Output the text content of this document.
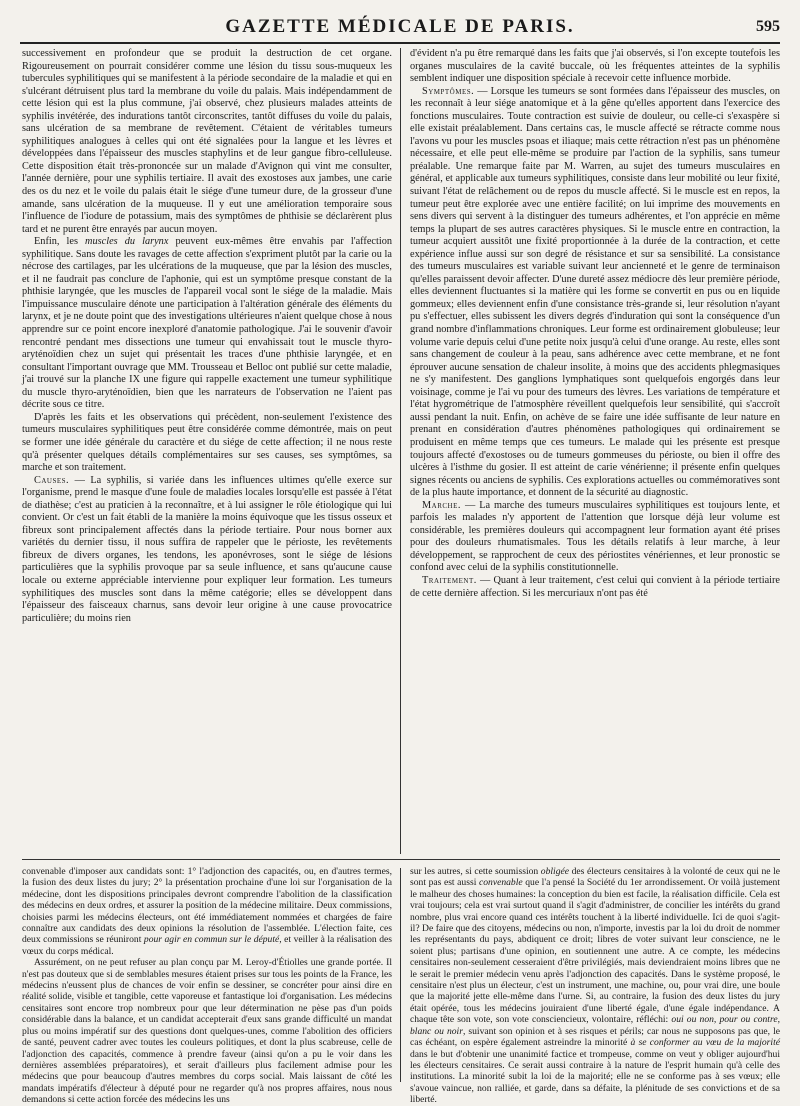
GAZETTE MÉDICALE DE PARIS.	595

successivement en profondeur que se produit la destruction de cet organe. Rigoureusement on pourrait considérer comme une lésion du tissu sous-muqueux les tubercules syphilitiques qui se manifestent à la période secondaire de la maladie et qui en s'ulcérant détruisent plus tard la membrane du voile du palais. Mais indépendamment de cette lésion qui est la plus commune, j'ai observé, chez plusieurs malades atteints de syphilis invétérée, des indurations tantôt circonscrites, tantôt diffuses du voile du palais, sans ulcération de sa membrane de revêtement. C'étaient de véritables tumeurs syphilitiques analogues à celles qui ont été signalées pour la langue et les lèvres et développées dans l'épaisseur des muscles staphylins et de leur gangue fibro-celluleuse. Cette disposition était très-prononcée sur un malade d'Avignon qui vint me consulter, l'année dernière, pour une syphilis tertiaire. Il avait des exostoses aux jambes, une carie des os du nez et le voile du palais était le siége d'une tumeur dure, de la grosseur d'une amande, sans ulcération de la muqueuse. Il y eut une amélioration temporaire sous l'influence de l'iodure de potassium, mais des symptômes de phthisie se déclarèrent plus tard et ne purent être enrayés par aucun moyen.

Enfin, les muscles du larynx peuvent eux-mêmes être envahis par l'affection syphilitique. Sans doute les ravages de cette affection s'expriment plutôt par la carie ou la nécrose des cartilages, par les ulcérations de la muqueuse, que par la lésion des muscles, et il ne faudrait pas conclure de l'aphonie, qui est un symptôme presque constant de la phthisie laryngée, que les muscles de l'appareil vocal sont le siége de la maladie. Mais l'impuissance musculaire dénote une participation à l'altération générale des éléments du larynx, et je ne doute point que des investigations ultérieures n'aient quelque chose à nous apprendre sur ce point encore inexploré d'anatomie pathologique. J'ai le souvenir d'avoir rencontré pendant mes dissections une tumeur qui envahissait tout le muscle thyro-aryténoïdien chez un sujet qui présentait les traces d'une phthisie laryngée, et en consultant l'important ouvrage que MM. Trousseau et Belloc ont publié sur cette maladie, j'ai trouvé sur la planche IX une figure qui rappelle exactement une tumeur syphilitique du muscle thyro-aryténoïdien, bien que les narrateurs de l'observation ne l'aient pas décrite sous ce titre.

D'après les faits et les observations qui précèdent, non-seulement l'existence des tumeurs musculaires syphilitiques peut être considérée comme démontrée, mais on peut se former une idée générale du caractère et du siége de cette affection; il ne nous reste qu'à présenter quelques détails complémentaires sur ses causes, ses symptômes, sa marche et son traitement.

Causes. — La syphilis, si variée dans les influences ultimes qu'elle exerce sur l'organisme, prend le masque d'une foule de maladies locales lorsqu'elle est passée à l'état de diathèse; c'est au praticien à la reconnaître, et à lui assigner le rôle étiologique qui lui convient. Or c'est un fait établi de la manière la moins équivoque que les tissus osseux et fibreux sont principalement affectés dans la période tertiaire. Pour nous borner aux variétés du dernier tissu, il nous suffira de rappeler que le périoste, les revêtements fibreux de divers organes, les tendons, les aponévroses, sont le siége de lésions particulières que la syphilis provoque par sa seule influence, et sans qu'aucune cause locale ou externe appréciable intervienne pour expliquer leur formation. Les tumeurs syphilitiques des muscles sont dans la même catégorie; elles se développent dans l'épaisseur des faisceaux charnus, sans devoir leur origine à une cause provocatrice particulière; du moins rien

d'évident n'a pu être remarqué dans les faits que j'ai observés, si l'on excepte toutefois les organes musculaires de la cavité buccale, où les fréquentes atteintes de la syphilis semblent indiquer une disposition spéciale à recevoir cette influence morbide.

Symptômes. — Lorsque les tumeurs se sont formées dans l'épaisseur des muscles, on les reconnaît à leur siége anatomique et à la gêne qu'elles apportent dans l'exercice des fonctions musculaires. Toute contraction est suivie de douleur, ou celle-ci s'exaspère si elle existait préalablement. Dans certains cas, le muscle affecté se rétracte comme nous l'avons vu pour les muscles psoas et iliaque; mais cette rétraction n'est pas un phénomène nécessaire, et elle peut elle-même se produire par l'action de la syphilis, sans tumeur préalable. Une remarque faite par M. Warren, au sujet des tumeurs musculaires en général, et applicable aux tumeurs syphilitiques, consiste dans leur mobilité ou leur fixité, suivant l'état de relâchement ou de repos du muscle affecté. Si le muscle est en repos, la tumeur peut être explorée avec une entière facilité; on lui imprime des mouvements en sens divers qui servent à la distinguer des tumeurs adhérentes, et l'on apprécie en même temps la plupart de ses autres caractères physiques. Si le muscle entre en contraction, la tumeur acquiert aussitôt une fixité proportionnée à la durée de la contraction, et cette expérience influe aussi sur son degré de résistance et sur sa sensibilité. La consistance des tumeurs musculaires est variable suivant leur ancienneté et le genre de terminaison qu'elles paraissent devoir affecter. D'une dureté assez médiocre dès leur première période, elles deviennent fluctuantes si la matière qui les forme se convertit en pus ou en liquide gommeux; elles deviennent enfin d'une consistance très-grande si, leur résolution n'ayant pu s'effectuer, elles subissent les divers degrés d'induration qui sont la conséquence d'un grand nombre d'inflammations chroniques. Leur forme est ordinairement globuleuse; leur volume varie depuis celui d'une petite noix jusqu'à celui d'une orange. Au reste, elles sont sans changement de couleur à la peau, sans adhérence avec cette membrane, et ne font éprouver aucune sensation de chaleur insolite, à moins que des accidents phlegmasiques ne s'y manifestent. Des ganglions lymphatiques sont quelquefois engorgés dans leur voisinage, comme je l'ai vu pour des tumeurs des lèvres. Les variations de température et l'état hygrométrique de l'atmosphère réveillent quelquefois leur sensibilité, qui s'accroît aussi pendant la nuit. Enfin, on achève de se faire une idée suffisante de leur nature en prenant en considération d'autres phénomènes pathologiques qui ordinairement se produisent en même temps que ces tumeurs. Le malade qui les présente est presque toujours affecté d'exostoses ou de tumeurs gommeuses du périoste, ou bien il offre des ulcères à l'isthme du gosier. Il est atteint de carie vénérienne; il présente enfin quelques signes récents ou anciens de syphilis. Ces explorations actuelles ou commémoratives sont de la plus haute importance, et donnent de la sécurité au diagnostic.

Marche. — La marche des tumeurs musculaires syphilitiques est toujours lente, et parfois les malades n'y apportent de l'attention que lorsque déjà leur volume est considérable, les premières douleurs qui accompagnent leur formation ayant été prises pour des douleurs rhumatismales. Tous les détails relatifs à leur marche, à leur développement, se rapprochent de ceux des périostites vénériennes, et leur pronostic se confond avec celui de la syphilis constitutionnelle.

Traitement. — Quant à leur traitement, c'est celui qui convient à la période tertiaire de cette dernière affection. Si les mercuriaux n'ont pas été

convenable d'imposer aux candidats sont: 1° l'adjonction des capacités, ou, en d'autres termes, la fusion des deux listes du jury; 2° la présentation prochaine d'une loi sur l'organisation de la médecine, dont les dispositions principales devront comprendre l'abolition de la classification des médecins en deux ordres, et assurer la position de la médecine militaire. Deux commissions, choisies parmi les médecins électeurs, ont été immédiatement nommées et chargées de faire connaître aux candidats des deux opinions la résolution de l'assemblée. L'élection faite, ces deux commissions se réuniront pour agir en commun sur le député, et veiller à la réalisation des vœux du corps médical.

Assurément, on ne peut refuser au plan conçu par M. Leroy-d'Étiolles une grande portée. Il n'est pas douteux que si de semblables mesures étaient prises sur tous les points de la France, les médecins n'eussent plus de chances de voir enfin se dessiner, se concréter pour ainsi dire en réalité solide, visible et tangible, cette vaporeuse et fantastique loi d'organisation. Les médecins censitaires sont encore trop nombreux pour que leur détermination ne pèse pas d'un poids considérable dans la balance, et un candidat accepterait d'eux sans grande difficulté un mandat plus ou moins impératif sur des questions dont quelques-unes, comme l'abolition des officiers de santé, peuvent cadrer avec toutes les couleurs politiques, et dont la plus scabreuse, celle de l'adjonction des capacités, commence à prendre faveur (ainsi qu'on a pu le voir dans les dernières assemblées préparatoires), et serait d'ailleurs plus facilement admise pour les médecins que pour beaucoup d'autres membres du corps social. Mais laissant de côté les mandats impératifs d'électeur à député pour ne regarder qu'à nos propres affaires, nous nous demandons si cette action forcée des médecins les uns

sur les autres, si cette soumission obligée des électeurs censitaires à la volonté de ceux qui ne le sont pas est aussi convenable que l'a pensé la Société du 1er arrondissement. Or voilà justement le malheur des choses humaines: la conception du bien est facile, la réalisation difficile. Cela est vrai toujours; cela est vrai surtout quand il s'agit d'administrer, de concilier les intérêts du grand nombre, plus vrai encore quand ces intérêts touchent à la liberté individuelle. Ici de quoi s'agit-il? De faire que des citoyens, médecins ou non, n'importe, investis par la loi du droit de nommer les représentants du pays, abdiquent ce droit; libres de voter suivant leur conscience, ne le soient plus; partisans d'une opinion, en soutiennent une autre. A ce compte, les médecins censitaires non-seulement cesseraient d'être privilégiés, mais deviendraient moins libres que ne le serait le premier médecin venu après l'adjonction des capacités. Dans le système proposé, le censitaire n'est plus un électeur, c'est un instrument, une machine, ou, pour vrai dire, une boule que la majorité jette elle-même dans l'urne. Si, au contraire, la fusion des deux listes du jury était opérée, tous les médecins jouiraient d'une liberté égale, d'une égale indépendance. A chaque tête son vote, son vote consciencieux, volontaire, réfléchi: oui ou non, pour ou contre, blanc ou noir, suivant son opinion et à ses risques et périls; car nous ne supposons pas que, le cas échéant, on espère également astreindre la minorité à se conformer au vœu de la majorité dans le but d'obtenir une unanimité factice et trompeuse, comme on veut y obliger aujourd'hui les électeurs censitaires. Ce serait aussi contraire à la nature de l'esprit humain qu'à celle des institutions. La minorité subit la loi de la majorité; elle ne se conforme pas à ses vœux; elle s'avoue vaincue, non ralliée, et garde, dans sa défaite, la plénitude de ses convictions et de sa liberté.
